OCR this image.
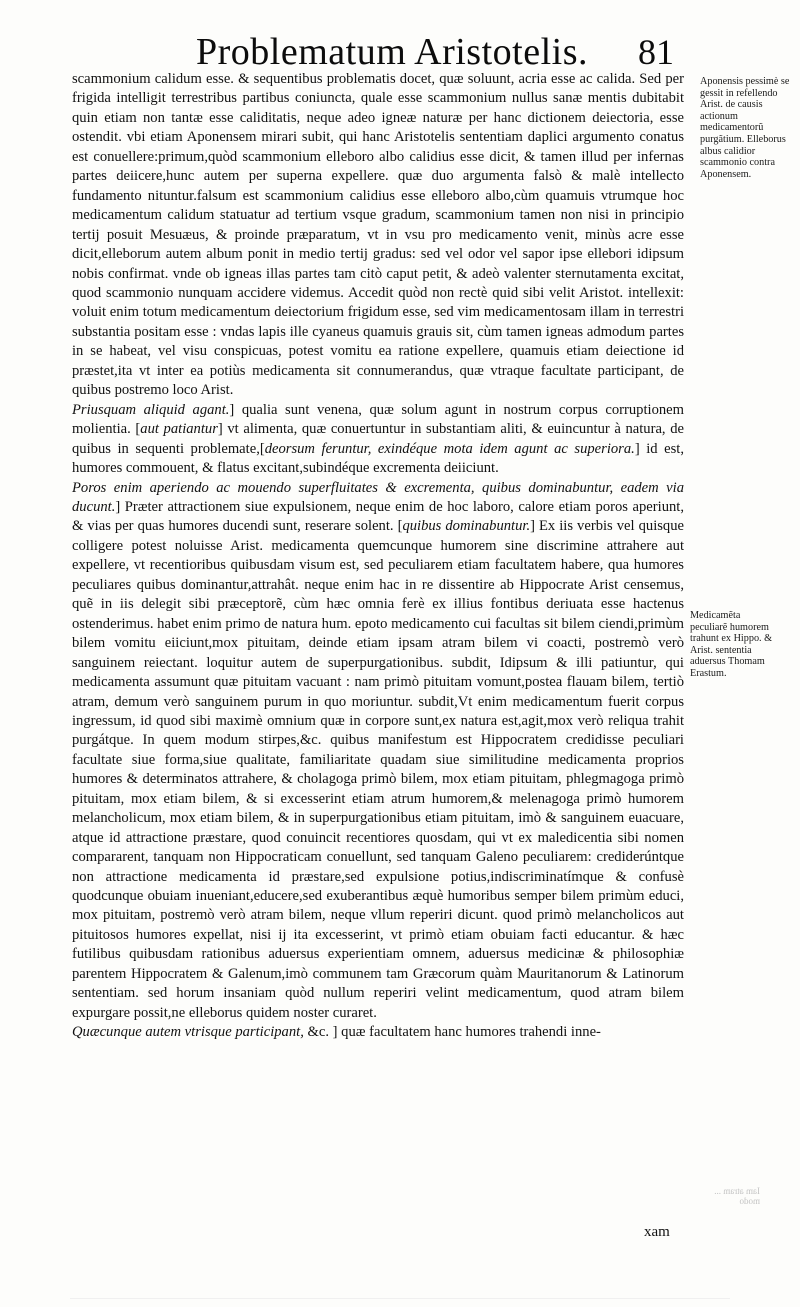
Problematum Aristotelis. 81

scammonium calidum esse. & sequentibus problematis docet, quæ soluunt, acria esse ac calida. Sed per frigida intelligit terrestribus partibus coniuncta, quale esse scammonium nullus sanæ mentis dubitabit quin etiam non tantæ esse caliditatis, neque adeo igneæ naturæ per hanc dictionem deiectoria, esse ostendit. vbi etiam Aponensem mirari subit, qui hanc Aristotelis sententiam daplici argumento conatus est conuellere:primum,quòd scammonium elleboro albo calidius esse dicit, & tamen illud per infernas partes deiicere,hunc autem per superna expellere. quæ duo argumenta falsò & malè intellecto fundamento nituntur.falsum est scammonium calidius esse elleboro albo,cùm quamuis vtrumque hoc medicamentum calidum statuatur ad tertium vsque gradum, scammonium tamen non nisi in principio tertij posuit Mesuæus, & proinde præparatum, vt in vsu pro medicamento venit, minùs acre esse dicit,elleborum autem album ponit in medio tertij gradus: sed vel odor vel sapor ipse ellebori idipsum nobis confirmat. vnde ob igneas illas partes tam citò caput petit, & adeò valenter sternutamenta excitat, quod scammonio nunquam accidere videmus. Accedit quòd non rectè quid sibi velit Aristot. intellexit: voluit enim totum medicamentum deiectorium frigidum esse, sed vim medicamentosam illam in terrestri substantia positam esse : vndas lapis ille cyaneus quamuis grauis sit, cùm tamen igneas admodum partes in se habeat, vel visu conspicuas, potest vomitu ea ratione expellere, quamuis etiam deiectione id præstet,ita vt inter ea potiùs medicamenta sit connumerandus, quæ vtraque facultate participant, de quibus postremo loco Arist.

Priusquam aliquid agant.] qualia sunt venena, quæ solum agunt in nostrum corpus corruptionem molientia. [aut patiantur] vt alimenta, quæ conuertuntur in substantiam aliti, & euincuntur à natura, de quibus in sequenti problemate,[deorsum feruntur, exindéque mota idem agunt ac superiora.] id est, humores commouent, & flatus excitant,subindéque excrementa deiiciunt.

Poros enim aperiendo ac mouendo superfluitates & excrementa, quibus dominabuntur, eadem via ducunt.] Præter attractionem siue expulsionem, neque enim de hoc laboro, calore etiam poros aperiunt, & vias per quas humores ducendi sunt, reserare solent. [quibus dominabuntur.] Ex iis verbis vel quisque colligere potest noluisse Arist. medicamenta quemcunque humorem sine discrimine attrahere aut expellere, vt recentioribus quibusdam visum est, sed peculiarem etiam facultatem habere, qua humores peculiares quibus dominantur,attrahât. neque enim hac in re dissentire ab Hippocrate Arist censemus, quẽ in iis delegit sibi præceptorẽ, cùm hæc omnia ferè ex illius fontibus deriuata esse hactenus ostenderimus. habet enim primo de natura hum. epoto medicamento cui facultas sit bilem ciendi,primùm bilem vomitu eiiciunt,mox pituitam, deinde etiam ipsam atram bilem vi coacti, postremò verò sanguinem reiectant. loquitur autem de superpurgationibus. subdit, Idipsum & illi patiuntur, qui medicamenta assumunt quæ pituitam vacuant : nam primò pituitam vomunt,postea flauam bilem, tertiò atram, demum verò sanguinem purum in quo moriuntur. subdit,Vt enim medicamentum fuerit corpus ingressum, id quod sibi maximè omnium quæ in corpore sunt,ex natura est,agit,mox verò reliqua trahit purgátque. In quem modum stirpes,&c. quibus manifestum est Hippocratem credidisse peculiari facultate siue forma,siue qualitate, familiaritate quadam siue similitudine medicamenta proprios humores & determinatos attrahere, & cholagoga primò bilem, mox etiam pituitam, phlegmagoga primò pituitam, mox etiam bilem, & si excesserint etiam atrum humorem,& melenagoga primò humorem melancholicum, mox etiam bilem, & in superpurgationibus etiam pituitam, imò & sanguinem euacuare, atque id attractione præstare, quod conuincit recentiores quosdam, qui vt ex maledicentia sibi nomen compararent, tanquam non Hippocraticam conuellunt, sed tanquam Galeno peculiarem: crediderúntque non attractione medicamenta id præstare,sed expulsione potius,indiscriminatímque & confusè quodcunque obuiam inueniant,educere,sed exuberantibus æquè humoribus semper bilem primùm educi, mox pituitam, postremò verò atram bilem, neque vllum reperiri dicunt. quod primò melancholicos aut pituitosos humores expellat, nisi ij ita excesserint, vt primò etiam obuiam facti educantur. & hæc futilibus quibusdam rationibus aduersus experientiam omnem, aduersus medicinæ & philosophiæ parentem Hippocratem & Galenum,imò communem tam Græcorum quàm Mauritanorum & Latinorum sententiam. sed horum insaniam quòd nullum reperiri velint medicamentum, quod atram bilem expurgare possit,ne elleborus quidem noster curaret.

Quæcunque autem vtrisque participant, &c. ] quæ facultatem hanc humores trahendi inne-

xam
Aponensis pessimè se gessit in refellendo Arist. de causis actionum medicamentorũ purgãtium. Elleborus albus calidior scammonio contra Aponensem.
Medicamẽta peculiarẽ humorem trahunt ex Hippo. & Arist. sententia aduersus Thomam Erastum.
Iam atram ... modo
